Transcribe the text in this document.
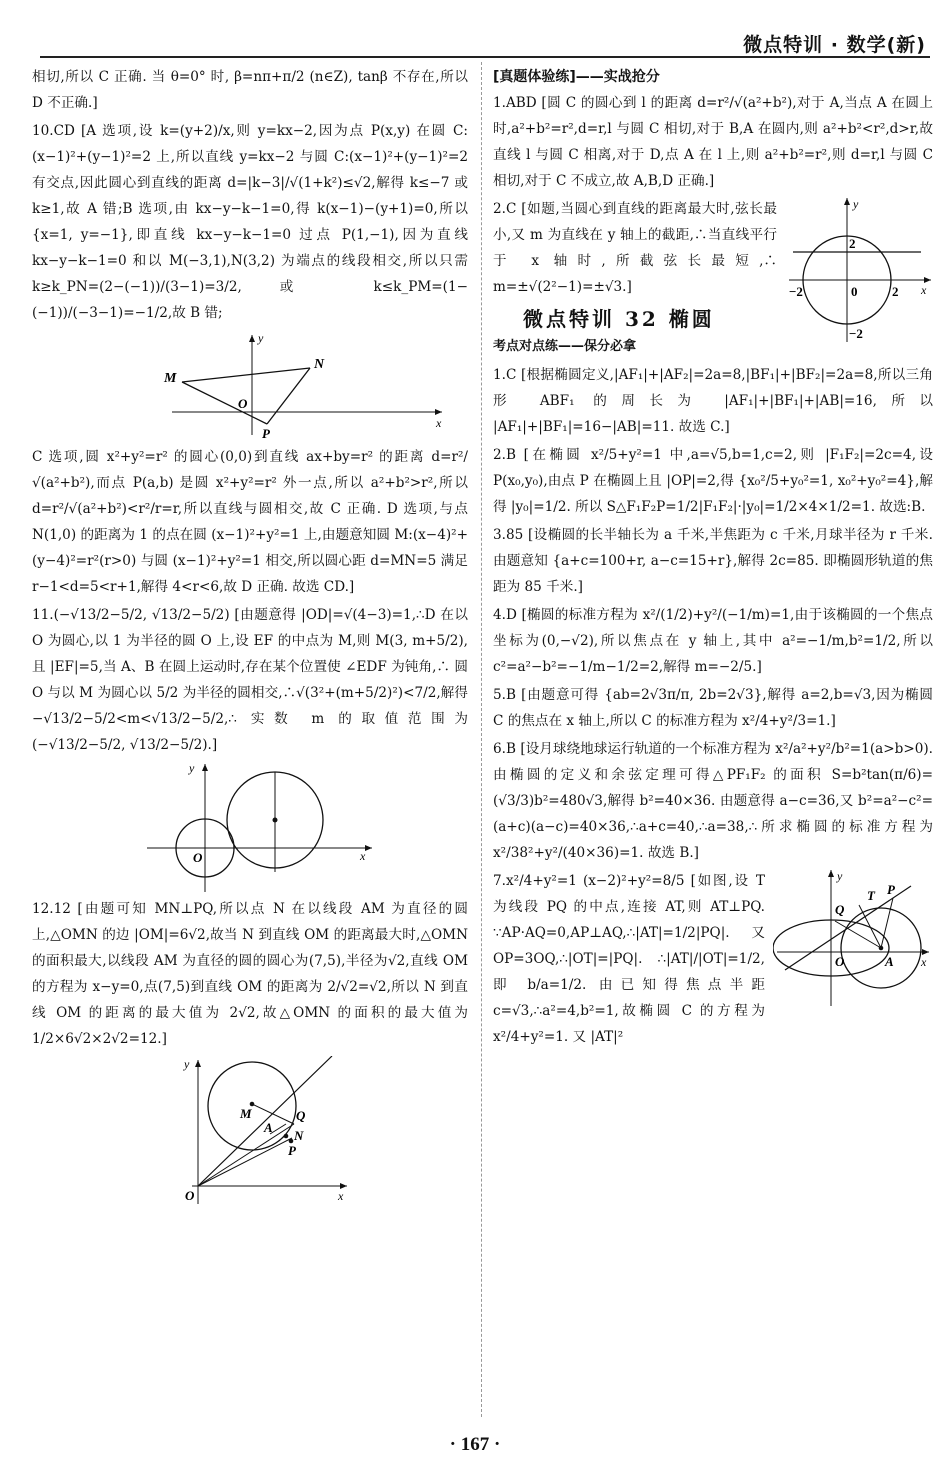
微点特训 · 数学(新)

相切,所以 C 正确. 当 θ=0° 时, β=nπ+π/2 (n∈Z), tanβ 不存在,所以 D 不正确.]

10.CD [A 选项,设 k=(y+2)/x,则 y=kx−2,因为点 P(x,y) 在圆 C:(x−1)²+(y−1)²=2 上,所以直线 y=kx−2 与圆 C:(x−1)²+(y−1)²=2 有交点,因此圆心到直线的距离 d=|k−3|/√(1+k²)≤√2,解得 k≤−7 或 k≥1,故 A 错;B 选项,由 kx−y−k−1=0,得 k(x−1)−(y+1)=0,所以 {x=1, y=−1},即直线 kx−y−k−1=0 过点 P(1,−1),因为直线 kx−y−k−1=0 和以 M(−3,1),N(3,2) 为端点的线段相交,所以只需 k≥k_PN=(2−(−1))/(3−1)=3/2,或 k≤k_PM=(1−(−1))/(−3−1)=−1/2,故 B 错;

M
N
O
P
x
y

C 选项,圆 x²+y²=r² 的圆心(0,0)到直线 ax+by=r² 的距离 d=r²/√(a²+b²),而点 P(a,b) 是圆 x²+y²=r² 外一点,所以 a²+b²>r²,所以 d=r²/√(a²+b²)<r²/r=r,所以直线与圆相交,故 C 正确. D 选项,与点 N(1,0) 的距离为 1 的点在圆 (x−1)²+y²=1 上,由题意知圆 M:(x−4)²+(y−4)²=r²(r>0) 与圆 (x−1)²+y²=1 相交,所以圆心距 d=MN=5 满足 r−1<d=5<r+1,解得 4<r<6,故 D 正确. 故选 CD.]

11.(−√13/2−5/2, √13/2−5/2) [由题意得 |OD|=√(4−3)=1,∴D 在以 O 为圆心,以 1 为半径的圆 O 上,设 EF 的中点为 M,则 M(3, m+5/2),且 |EF|=5,当 A、B 在圆上运动时,存在某个位置使 ∠EDF 为钝角,∴ 圆 O 与以 M 为圆心以 5/2 为半径的圆相交,∴√(3²+(m+5/2)²)<7/2,解得 −√13/2−5/2<m<√13/2−5/2,∴ 实数 m 的取值范围为 (−√13/2−5/2, √13/2−5/2).]

O	x
y

12.12 [由题可知 MN⊥PQ,所以点 N 在以线段 AM 为直径的圆上,△OMN 的边 |OM|=6√2,故当 N 到直线 OM 的距离最大时,△OMN 的面积最大,以线段 AM 为直径的圆的圆心为(7,5),半径为√2,直线 OM 的方程为 x−y=0,点(7,5)到直线 OM 的距离为 2/√2=√2,所以 N 到直线 OM 的距离的最大值为 2√2,故△OMN 的面积的最大值为 1/2×6√2×2√2=12.]

M
A
Q
N
P
O	x
y

[真题体验练]——实战抢分

1.ABD [圆 C 的圆心到 l 的距离 d=r²/√(a²+b²),对于 A,当点 A 在圆上时,a²+b²=r²,d=r,l 与圆 C 相切,对于 B,A 在圆内,则 a²+b²<r²,d>r,故直线 l 与圆 C 相离,对于 D,点 A 在 l 上,则 a²+b²=r²,则 d=r,l 与圆 C 相切,对于 C 不成立,故 A,B,D 正确.]

y
x
0
2
−2
2
−2

2.C [如题,当圆心到直线的距离最大时,弦长最小,又 m 为直线在 y 轴上的截距,∴当直线平行于 x 轴时,所截弦长最短,∴ m=±√(2²−1)=±√3.]

微点特训 32 椭圆

考点对点练——保分必拿

1.C [根据椭圆定义,|AF₁|+|AF₂|=2a=8,|BF₁|+|BF₂|=2a=8,所以三角形 ABF₁ 的周长为 |AF₁|+|BF₁|+|AB|=16,所以 |AF₁|+|BF₁|=16−|AB|=11. 故选 C.]

2.B [在椭圆 x²/5+y²=1 中,a=√5,b=1,c=2,则 |F₁F₂|=2c=4,设 P(x₀,y₀),由点 P 在椭圆上且 |OP|=2,得 {x₀²/5+y₀²=1, x₀²+y₀²=4},解得 |y₀|=1/2. 所以 S△F₁F₂P=1/2|F₁F₂|·|y₀|=1/2×4×1/2=1. 故选:B.

3.85 [设椭圆的长半轴长为 a 千米,半焦距为 c 千米,月球半径为 r 千米. 由题意知 {a+c=100+r, a−c=15+r},解得 2c=85. 即椭圆形轨道的焦距为 85 千米.]

4.D [椭圆的标准方程为 x²/(1/2)+y²/(−1/m)=1,由于该椭圆的一个焦点坐标为(0,−√2),所以焦点在 y 轴上,其中 a²=−1/m,b²=1/2,所以 c²=a²−b²=−1/m−1/2=2,解得 m=−2/5.]

5.B [由题意可得 {ab=2√3π/π, 2b=2√3},解得 a=2,b=√3,因为椭圆 C 的焦点在 x 轴上,所以 C 的标准方程为 x²/4+y²/3=1.]

6.B [设月球绕地球运行轨道的一个标准方程为 x²/a²+y²/b²=1(a>b>0). 由椭圆的定义和余弦定理可得△PF₁F₂ 的面积 S=b²tan(π/6)=(√3/3)b²=480√3,解得 b²=40×36. 由题意得 a−c=36,又 b²=a²−c²=(a+c)(a−c)=40×36,∴a+c=40,∴a=38,∴所求椭圆的标准方程为 x²/38²+y²/(40×36)=1. 故选 B.]

T P
Q
O	A x
y

7.x²/4+y²=1 (x−2)²+y²=8/5 [如图,设 T 为线段 PQ 的中点,连接 AT,则 AT⊥PQ. ∵AP·AQ=0,AP⊥AQ,∴|AT|=1/2|PQ|. 又 OP=3OQ,∴|OT|=|PQ|. ∴|AT|/|OT|=1/2,即 b/a=1/2. 由已知得焦点半距 c=√3,∴a²=4,b²=1,故椭圆 C 的方程为 x²/4+y²=1. 又 |AT|²

· 167 ·
